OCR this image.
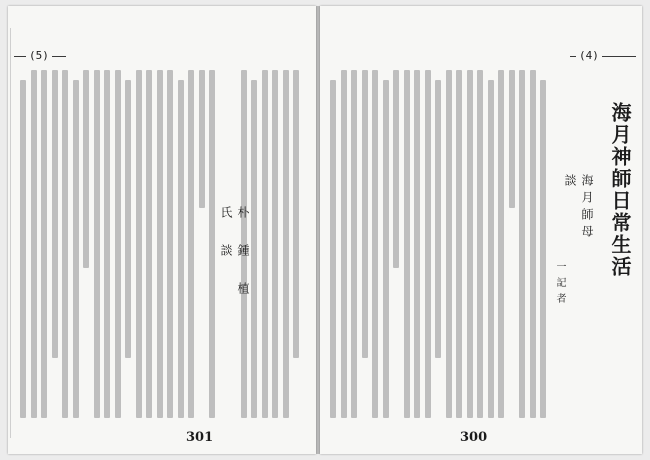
(5)
朴 鍾 植 氏 談
301
(4)
海月神師日常生活
海月師母 談
一記者
300
